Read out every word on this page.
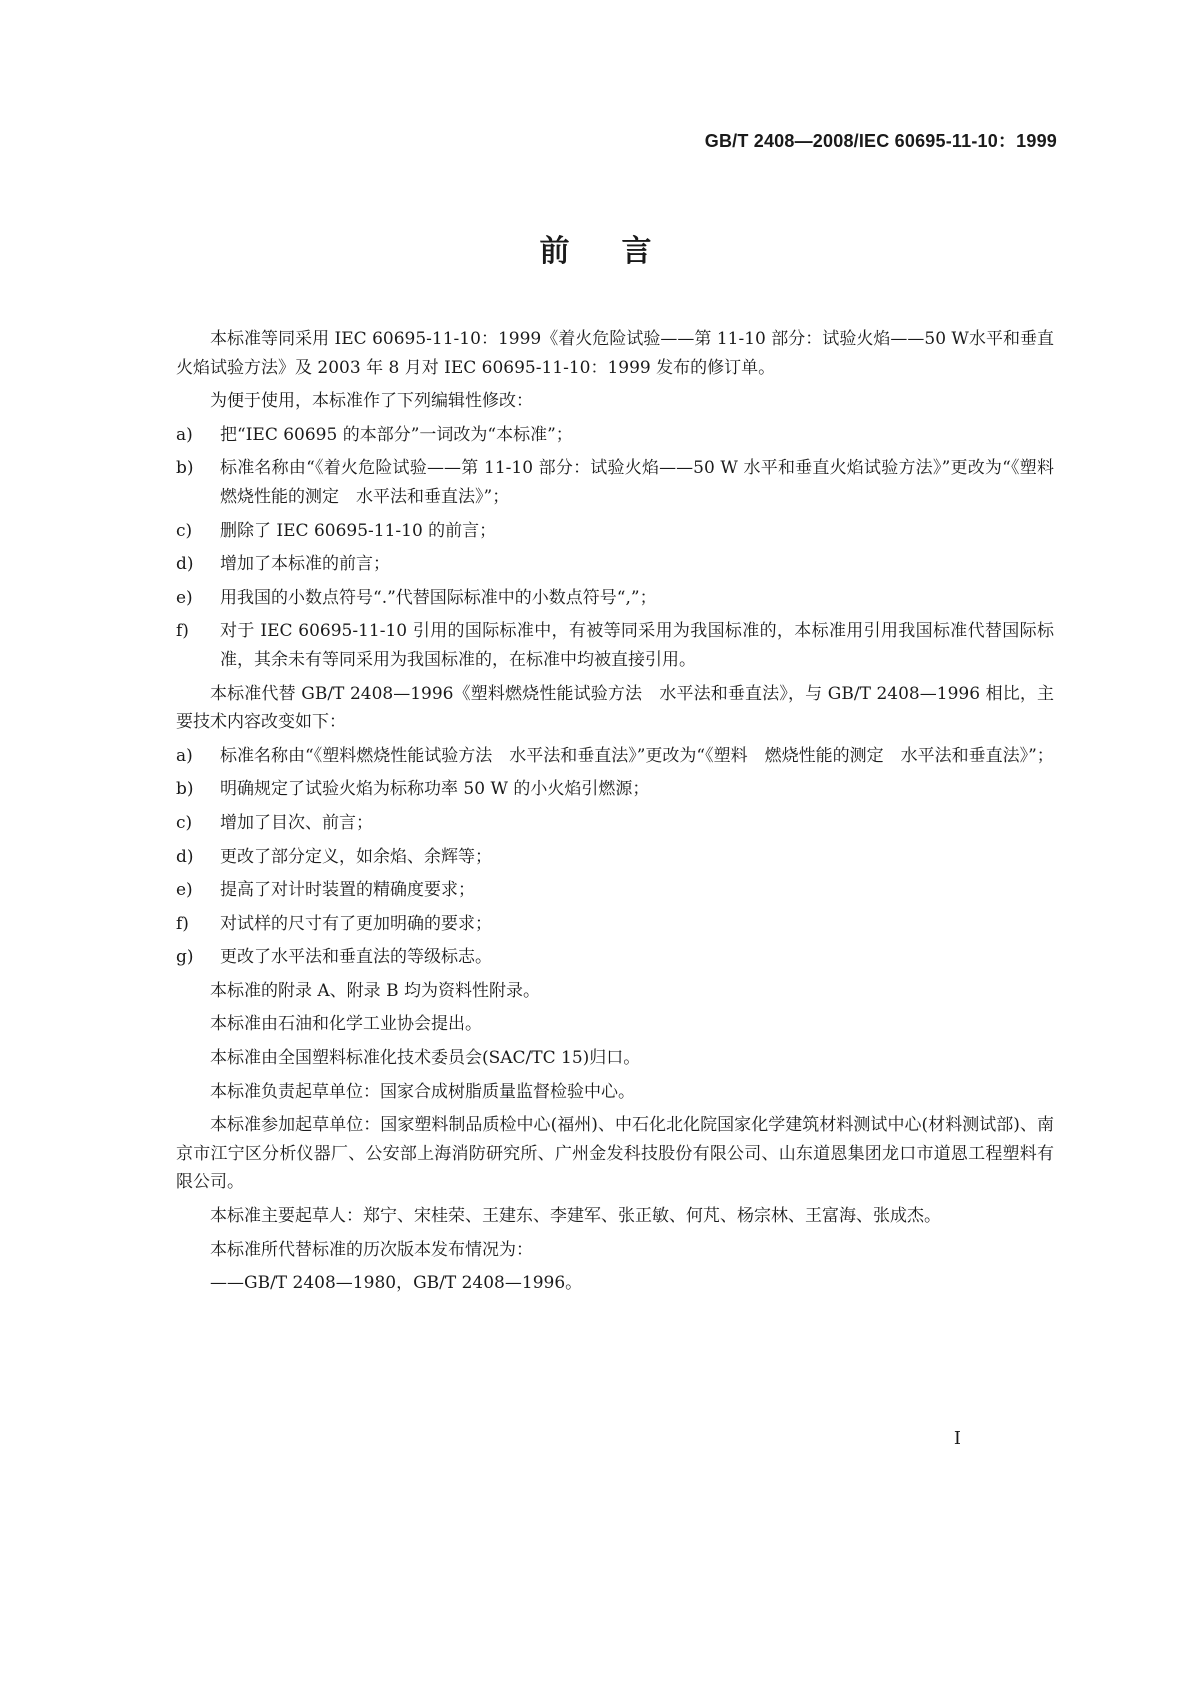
GB/T 2408—2008/IEC 60695-11-10：1999
前言

本标准等同采用 IEC 60695-11-10：1999《着火危险试验——第 11-10 部分：试验火焰——50 W水平和垂直火焰试验方法》及 2003 年 8 月对 IEC 60695-11-10：1999 发布的修订单。

为便于使用，本标准作了下列编辑性修改：

a) 把“IEC 60695 的本部分”一词改为“本标准”；
b) 标准名称由“《着火危险试验——第 11-10 部分：试验火焰——50 W 水平和垂直火焰试验方法》”更改为“《塑料　燃烧性能的测定　水平法和垂直法》”；
c) 删除了 IEC 60695-11-10 的前言；
d) 增加了本标准的前言；
e) 用我国的小数点符号“.”代替国际标准中的小数点符号“,”；
f) 对于 IEC 60695-11-10 引用的国际标准中，有被等同采用为我国标准的，本标准用引用我国标准代替国际标准，其余未有等同采用为我国标准的，在标准中均被直接引用。

本标准代替 GB/T 2408—1996《塑料燃烧性能试验方法　水平法和垂直法》，与 GB/T 2408—1996 相比，主要技术内容改变如下：

a) 标准名称由“《塑料燃烧性能试验方法　水平法和垂直法》”更改为“《塑料　燃烧性能的测定　水平法和垂直法》”；
b) 明确规定了试验火焰为标称功率 50 W 的小火焰引燃源；
c) 增加了目次、前言；
d) 更改了部分定义，如余焰、余辉等；
e) 提高了对计时装置的精确度要求；
f) 对试样的尺寸有了更加明确的要求；
g) 更改了水平法和垂直法的等级标志。

本标准的附录 A、附录 B 均为资料性附录。

本标准由石油和化学工业协会提出。

本标准由全国塑料标准化技术委员会(SAC/TC 15)归口。

本标准负责起草单位：国家合成树脂质量监督检验中心。

本标准参加起草单位：国家塑料制品质检中心(福州)、中石化北化院国家化学建筑材料测试中心(材料测试部)、南京市江宁区分析仪器厂、公安部上海消防研究所、广州金发科技股份有限公司、山东道恩集团龙口市道恩工程塑料有限公司。

本标准主要起草人：郑宁、宋桂荣、王建东、李建军、张正敏、何芃、杨宗林、王富海、张成杰。

本标准所代替标准的历次版本发布情况为：

——GB/T 2408—1980，GB/T 2408—1996。

I
